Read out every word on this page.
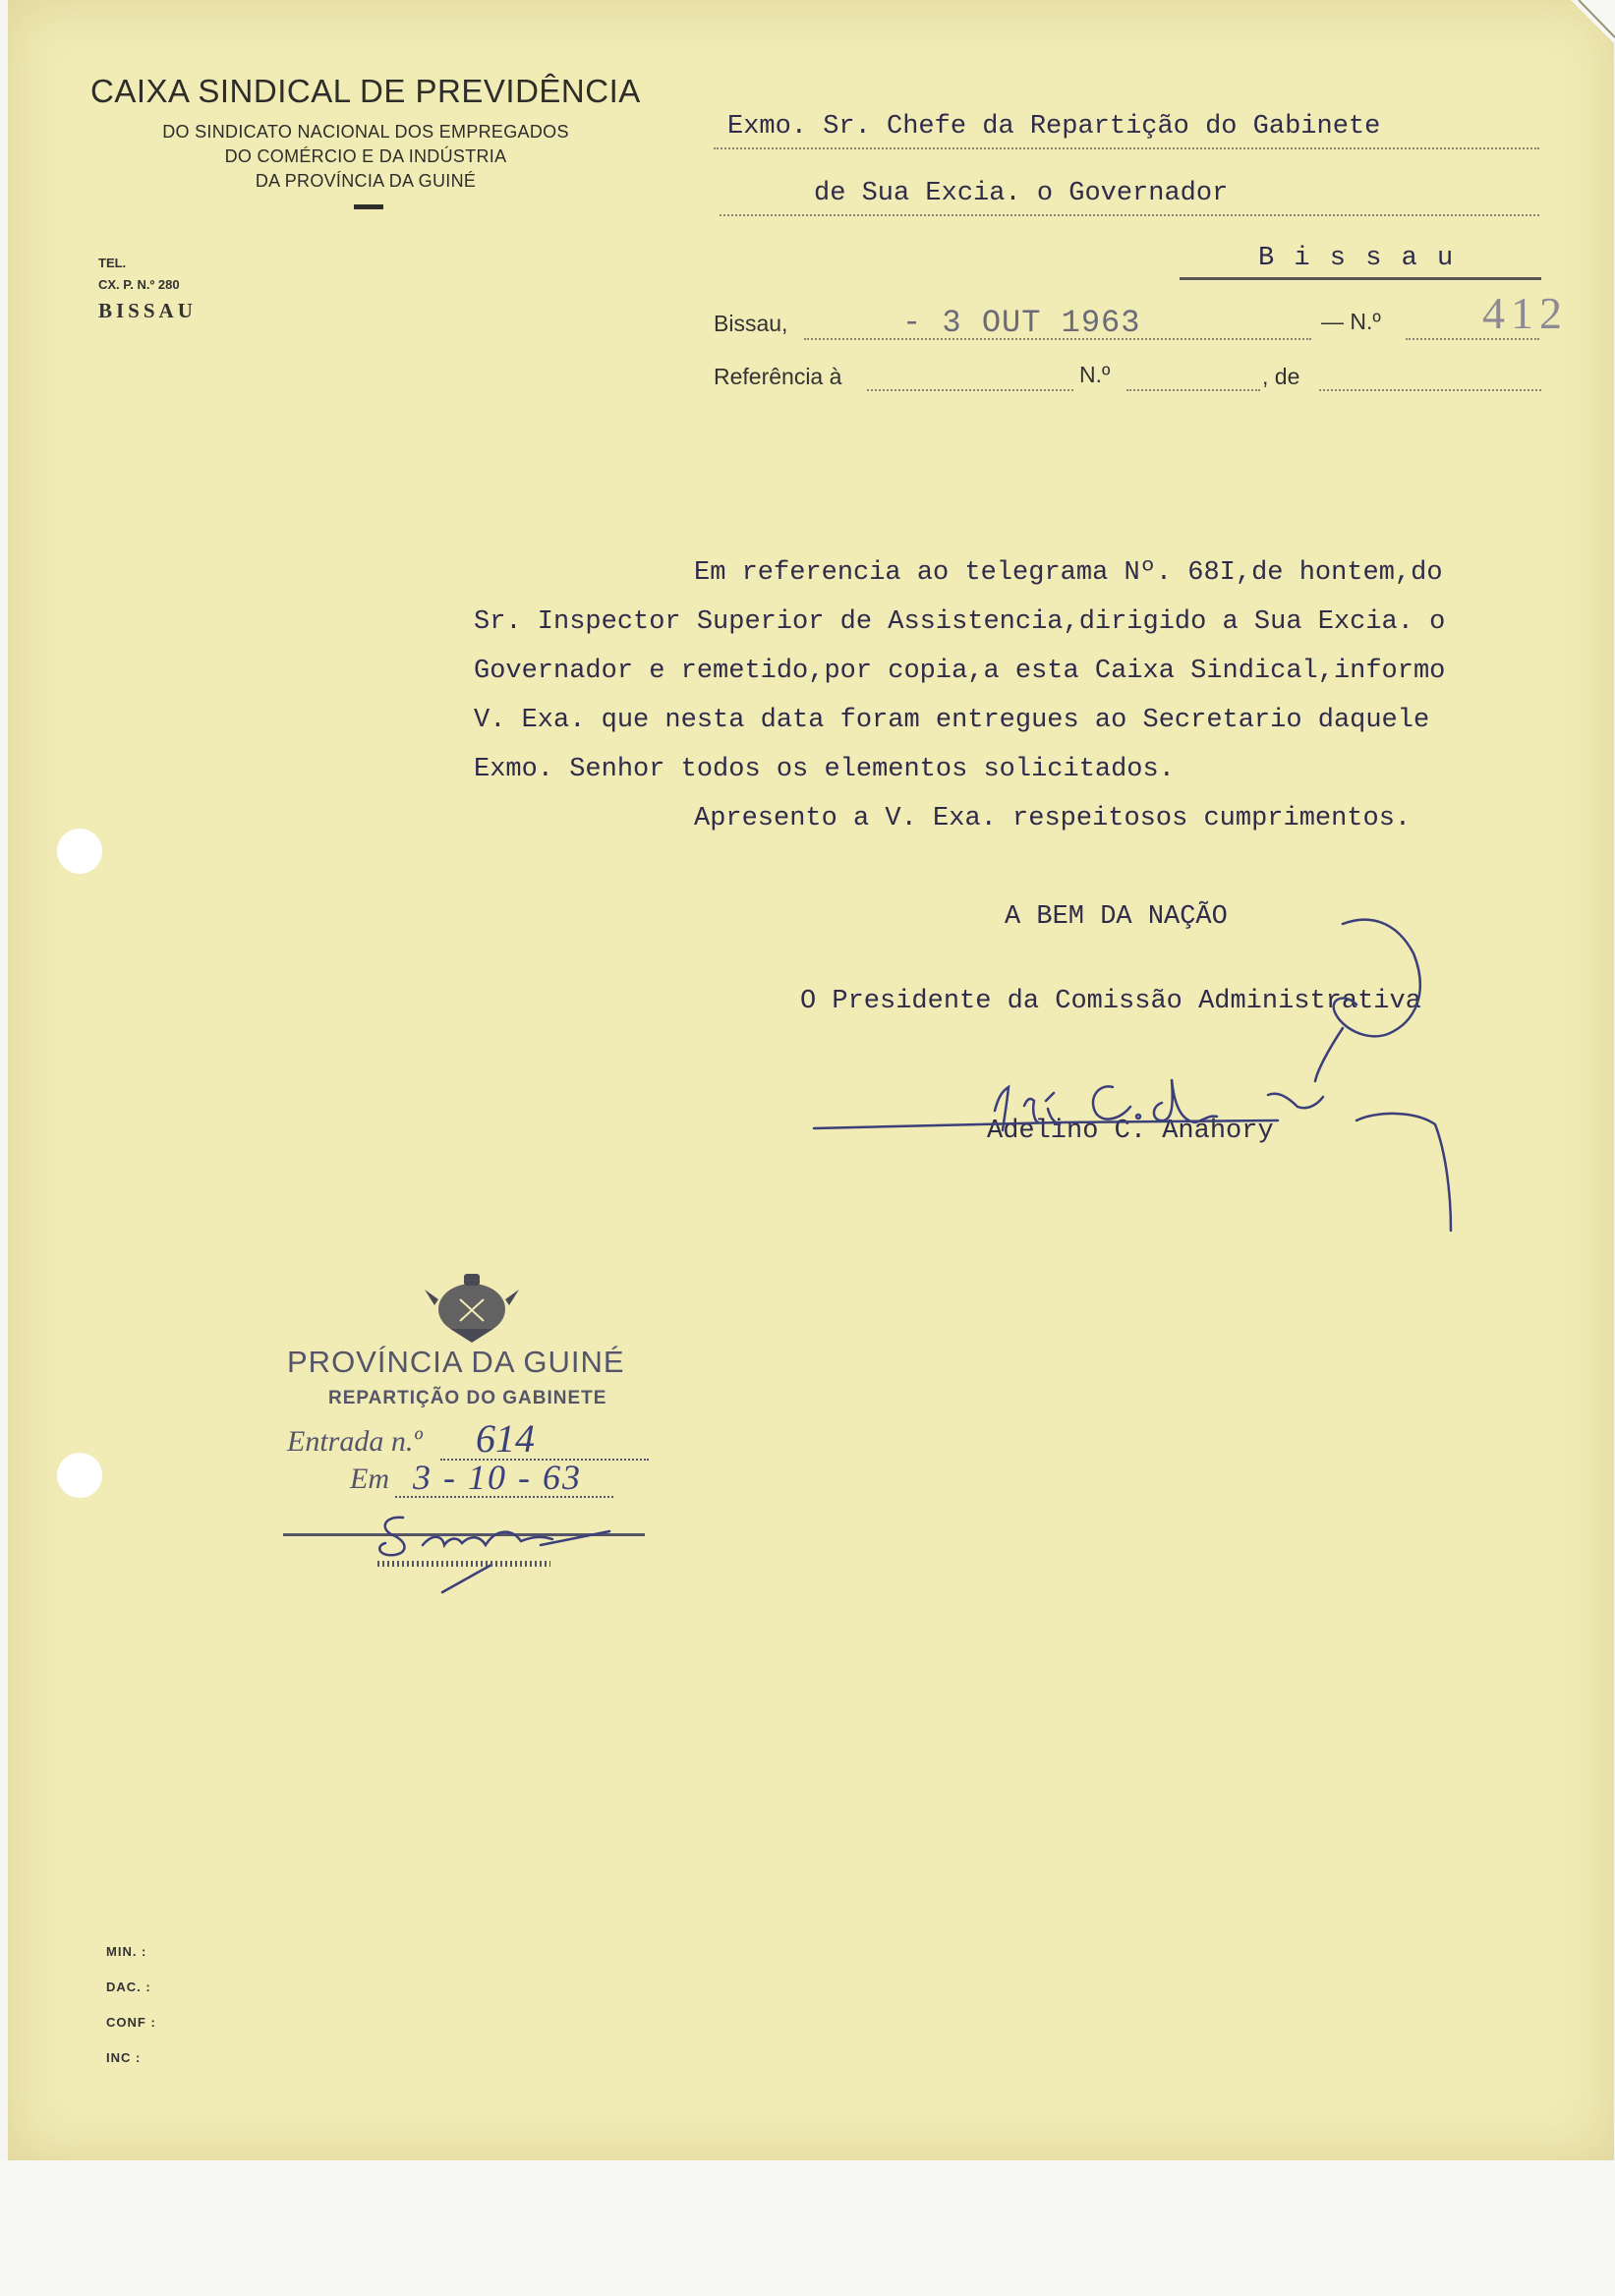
CAIXA SINDICAL DE PREVIDÊNCIA
DO SINDICATO NACIONAL DOS EMPREGADOS
DO COMÉRCIO E DA INDÚSTRIA
DA PROVÍNCIA DA GUINÉ
TEL.
CX. P. N.º 280
BISSAU
Exmo. Sr. Chefe da Repartição do Gabinete
de Sua Excia. o Governador
B i s s a u
Bissau,	- 3 OUT 1963	— N.º 412
Referência à	N.º	, de
Em referencia ao telegrama Nº. 68I,de hontem,do
Sr. Inspector Superior de Assistencia,dirigido a Sua Excia. o
Governador e remetido,por copia,a esta Caixa Sindical,informo
V. Exa. que nesta data foram entregues ao Secretario daquele
Exmo. Senhor todos os elementos solicitados.
Apresento a V. Exa. respeitosos cumprimentos.
A BEM DA NAÇÃO
O Presidente da Comissão Administrativa
Adelino C. Anahory
PROVÍNCIA DA GUINÉ
REPARTIÇÃO DO GABINETE
Entrada n.º 614
Em 3 - 10 - 63
MIN. :
DAC. :
CONF :
INC :
